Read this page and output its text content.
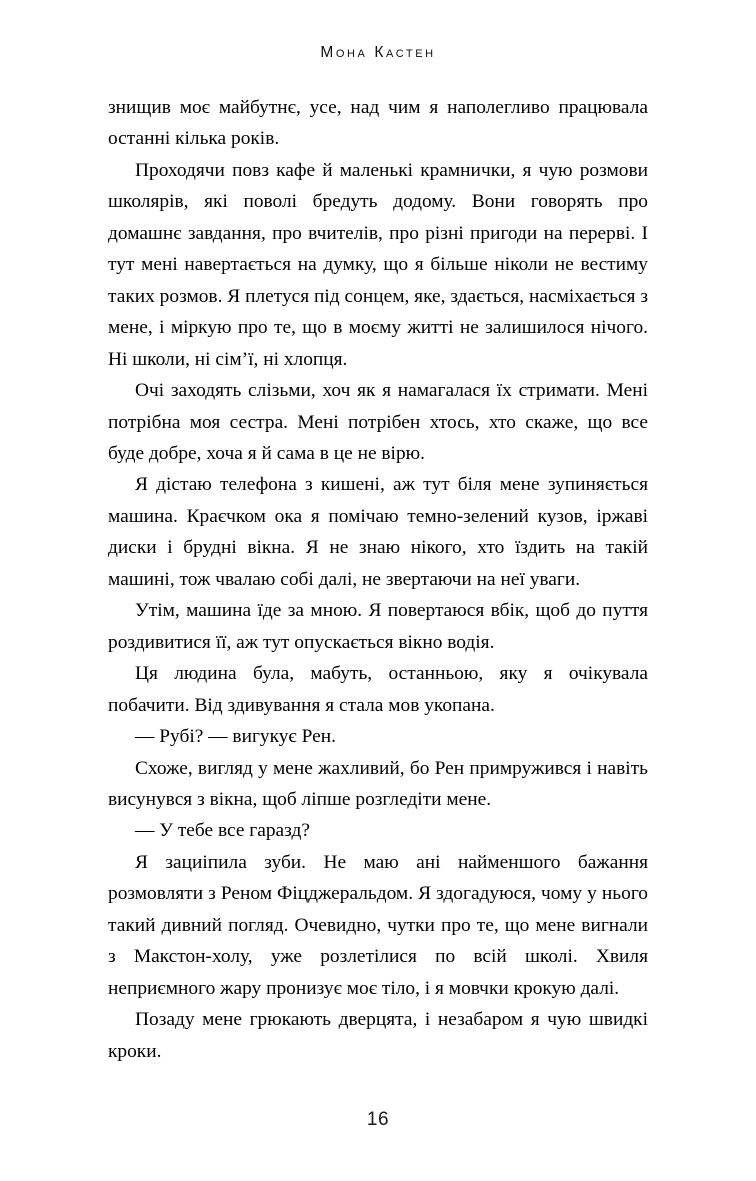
Мона Кастен

знищив моє майбутнє, усе, над чим я наполегливо працювала останні кілька років.

Проходячи повз кафе й маленькі крамнички, я чую розмови школярів, які поволі бредуть додому. Вони говорять про домашнє завдання, про вчителів, про різні пригоди на перерві. І тут мені навертається на думку, що я більше ніколи не вестиму таких розмов. Я плетуся під сонцем, яке, здається, насміхається з мене, і міркую про те, що в моєму житті не залишилося нічого. Ні школи, ні сім’ї, ні хлопця.

Очі заходять слізьми, хоч як я намагалася їх стримати. Мені потрібна моя сестра. Мені потрібен хтось, хто скаже, що все буде добре, хоча я й сама в це не вірю.

Я дістаю телефона з кишені, аж тут біля мене зупиняється машина. Краєчком ока я помічаю темно-зелений кузов, іржаві диски і брудні вікна. Я не знаю нікого, хто їздить на такій машині, тож чвалаю собі далі, не звертаючи на неї уваги.

Утім, машина їде за мною. Я повертаюся вбік, щоб до пуття роздивитися її, аж тут опускається вікно водія.

Ця людина була, мабуть, останньою, яку я очікувала побачити. Від здивування я стала мов укопана.

— Рубі? — вигукує Рен.

Схоже, вигляд у мене жахливий, бо Рен примружився і навіть висунувся з вікна, щоб ліпше розгледіти мене.

— У тебе все гаразд?

Я зациіпила зуби. Не маю ані найменшого бажання розмовляти з Реном Фіцджеральдом. Я здогадуюся, чому у нього такий дивний погляд. Очевидно, чутки про те, що мене вигнали з Макстон-холу, уже розлетілися по всій школі. Хвиля неприємного жару пронизує моє тіло, і я мовчки крокую далі.

Позаду мене грюкають дверцята, і незабаром я чую швидкі кроки.

16
